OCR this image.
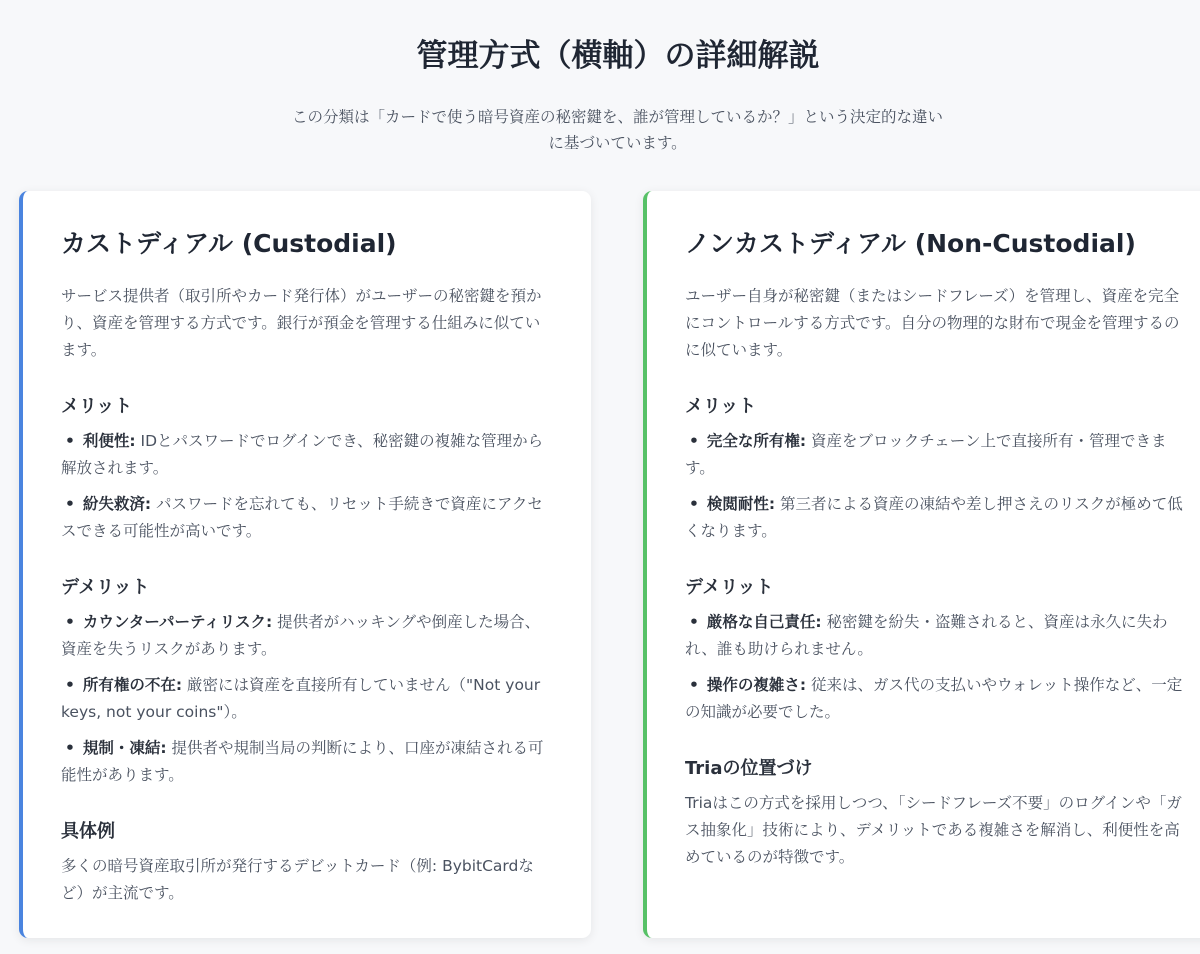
管理方式（横軸）の詳細解説
この分類は「カードで使う暗号資産の秘密鍵を、誰が管理しているか？」という決定的な違い
に基づいています。
カストディアル (Custodial)

サービス提供者（取引所やカード発行体）がユーザーの秘密鍵を預かり、資産を管理する方式です。銀行が預金を管理する仕組みに似ています。

メリット
• 利便性: IDとパスワードでログインでき、秘密鍵の複雑な管理から解放されます。
• 紛失救済: パスワードを忘れても、リセット手続きで資産にアクセスできる可能性が高いです。
デメリット
• カウンターパーティリスク: 提供者がハッキングや倒産した場合、資産を失うリスクがあります。
• 所有権の不在: 厳密には資産を直接所有していません（"Not your keys, not your coins"）。
• 規制・凍結: 提供者や規制当局の判断により、口座が凍結される可能性があります。
具体例

多くの暗号資産取引所が発行するデビットカード（例: BybitCardなど）が主流です。

ノンカストディアル (Non-Custodial)

ユーザー自身が秘密鍵（またはシードフレーズ）を管理し、資産を完全にコントロールする方式です。自分の物理的な財布で現金を管理するのに似ています。

メリット
• 完全な所有権: 資産をブロックチェーン上で直接所有・管理できます。
• 検閲耐性: 第三者による資産の凍結や差し押さえのリスクが極めて低くなります。
デメリット
• 厳格な自己責任: 秘密鍵を紛失・盗難されると、資産は永久に失われ、誰も助けられません。
• 操作の複雑さ: 従来は、ガス代の支払いやウォレット操作など、一定の知識が必要でした。
Triaの位置づけ

Triaはこの方式を採用しつつ、「シードフレーズ不要」のログインや「ガス抽象化」技術により、デメリットである複雑さを解消し、利便性を高めているのが特徴です。
